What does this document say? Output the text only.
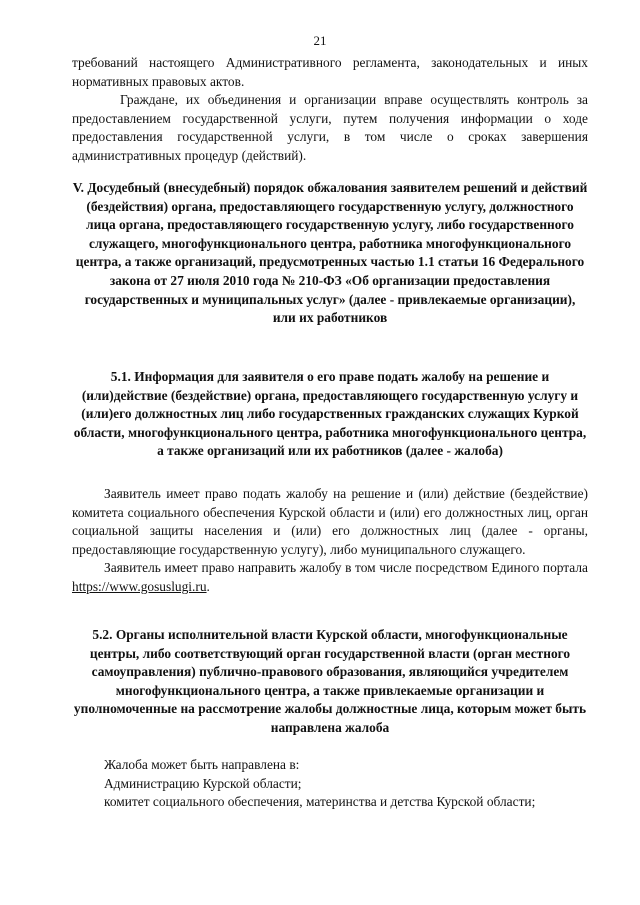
21

требований настоящего Административного регламента, законодательных и иных нормативных правовых актов.

Граждане, их объединения и организации вправе осуществлять контроль за предоставлением государственной услуги, путем получения информации о ходе предоставления государственной услуги, в том числе о сроках завершения административных процедур (действий).

V. Досудебный (внесудебный) порядок обжалования заявителем решений и действий (бездействия) органа, предоставляющего государственную услугу, должностного лица органа, предоставляющего государственную услугу, либо государственного служащего, многофункционального центра, работника многофункционального центра, а также организаций, предусмотренных частью 1.1 статьи 16 Федерального закона от 27 июля 2010 года № 210-ФЗ «Об организации предоставления государственных и муниципальных услуг» (далее - привлекаемые организации), или их работников
5.1. Информация для заявителя о его праве подать жалобу на решение и (или)действие (бездействие) органа, предоставляющего государственную услугу и (или)его должностных лиц либо государственных гражданских служащих Куркой области, многофункционального центра, работника многофункционального центра, а также организаций или их работников (далее - жалоба)

Заявитель имеет право подать жалобу на решение и (или) действие (бездействие) комитета социального обеспечения Курской области и (или) его должностных лиц, орган социальной защиты населения и (или) его должностных лиц (далее - органы, предоставляющие государственную услугу), либо муниципального служащего.

Заявитель имеет право направить жалобу в том числе посредством Единого портала https://www.gosuslugi.ru.

5.2. Органы исполнительной власти Курской области, многофункциональные центры, либо соответствующий орган государственной власти (орган местного самоуправления) публично-правового образования, являющийся учредителем многофункционального центра, а также привлекаемые организации и уполномоченные на рассмотрение жалобы должностные лица, которым может быть направлена жалоба

Жалоба может быть направлена в:

Администрацию Курской области;

комитет социального обеспечения, материнства и детства Курской области;
